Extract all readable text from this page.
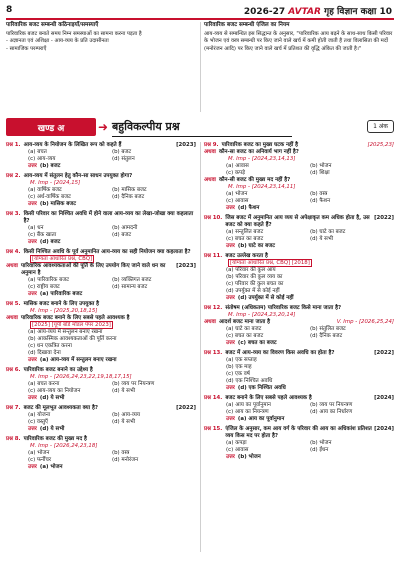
8	2026-27 AVTAR गृह विज्ञान कक्षा 10
पारिवारिक बजट सम्बन्धी कठिनाइयाँ/समस्याएँ
पारिवारिक बजट बनाते समय निम्न समस्याओं का सामना करना पड़ता है
- अज्ञानता एवं अशिक्षा - आय-व्यय के प्रति उदासीनता
- सामाजिक परम्पराएँ
पारिवारिक बजट सम्बन्धी एंजिल का नियम
आय-व्यय से सम्बन्धित इस सिद्धान्त के अनुसार, "पारिवारिक आय बढ़ने के साथ-साथ किसी परिवार के भोजन एवं वस्त्र सम्बन्धी पर किए जाने वाले खर्च में कमी होती जाती है तथा विलासिता की मदों (मनोरंजन आदि) पर किए जाने वाले खर्च में प्रतिशत की वृद्धि अंकित की जाती है।"
खण्ड अ	➜ बहुविकल्पीय प्रश्न	1 अंक
प्रश्न 1. आय-व्यय के नियोजन के लिखित रूप को कहते हैं	[2023]
(a) बचत	(b) बजट
(c) आय-व्यय	(d) संतुलन
उत्तर (b) बजट
प्रश्न 2. आय-व्यय में संतुलन हेतु कौन-सा साधन उपयुक्त होगा?
M. Imp - [2024,15]
(a) वार्षिक बजट	(b) मासिक बजट
(c) अर्ध-वार्षिक बजट	(d) दैनिक बजट
उत्तर (b) मासिक बजट
प्रश्न 3. किसी परिवार का निश्चित अवधि में होने वाला आय-व्यय का लेखा-जोखा क्या कहलाता है?
(a) धन	(b) आमदनी
(c) बैंक खाता	(d) बजट
उत्तर (d) बजट
प्रश्न 4. किसी निश्चित अवधि के पूर्व अनुमानित आय-व्यय का सही नियोजन क्या कहलाता है?
[योग्यता आधारित प्रश्न, CBQ]
अथवा पारिवारिक आवश्यकताओं की पूर्ति के लिए उपयोग किए जाने वाले धन का अनुमान है
[2023]
(a) पारिवारिक बजट	(b) व्यक्तिगत बजट
(c) राष्ट्रीय बजट	(d) सामान्य बजट
उत्तर (a) पारिवारिक बजट
प्रश्न 5. मासिक बजट बनाने के लिए उपयुक्त है
M. Imp - [2025,20,18,15]
अथवा पारिवारिक बजट बनाने के लिए सबसे पहले आवश्यक है
[2025] [यूपी बोर्ड मॉडल पेपर 2023]
(a) आय-व्यय में सन्तुलन बनाए रखना
(b) आकस्मिक आवश्यकताओं की पूर्ति करना
(c) धन एकत्रित करना
(d) दिखावा देना
उत्तर (a) आय-व्यय में सन्तुलन बनाए रखना
प्रश्न 6. पारिवारिक बजट बनाने का उद्देश्य है
M. Imp - [2026,24,23,22,19,18,17,15]
(a) बचत करना	(b) व्यय पर नियन्त्रण
(c) आय-व्यय का नियोजन	(d) ये सभी
उत्तर (d) ये सभी
प्रश्न 7. बजट की मूलभूत आवश्यकता क्या है?	[2022]
(a) योजना	(b) आय-व्यय
(c) वस्तुएँ	(d) ये सभी
उत्तर (d) ये सभी
प्रश्न 8. पारिवारिक बजट की मुख्य मद है
M. Imp - [2026,24,23,18]
(a) भोजन	(b) वस्त्र
(c) फर्नीचर	(d) मनोरंजन
उत्तर (a) भोजन
प्रश्न 9. पारिवारिक बजट का मुख्य घटक नहीं है	[2025,23]
अथवा कौन-सा बजट का अनिवार्य भाग नहीं है?
M. Imp - [2024,23,14,13]
(a) आवास	(b) भोजन
(c) कपड़े	(d) शिक्षा
अथवा कौन-सी बजट की मुख्य मद नहीं है?
M. Imp - [2024,23,14,11]
(a) भोजन	(b) वस्त्र
(c) आवास	(d) फैशन
उत्तर (d) फैशन
प्रश्न 10. जिस बजट में अनुमानित आय व्यय से अपेक्षाकृत कम अधिक होता है, उस बजट को क्या कहते हैं?
[2022]
(a) सन्तुलित बजट	(b) घाटे का बजट
(c) बचत का बजट	(d) ये सभी
उत्तर (b) घाटे का बजट
प्रश्न 11. बजट उल्लेख करता है
[योग्यता आधारित प्रश्न, CBQ] [2018]
(a) परिवार की कुल आय
(b) परिवार की कुल व्यय का
(c) परिवार की कुल बचत का
(d) उपर्युक्त में से कोई नहीं
उत्तर (d) उपर्युक्त में से कोई नहीं
प्रश्न 12. संतोषम (अधिकतम) पारिवारिक बजट किसे माना जाता है?
M. Imp - [2024,23,20,14]
अथवा आदर्श बजट माना जाता है	V. Imp - [2026,25,24]
(a) घाटे का बजट	(b) संतुलित बजट
(c) बचत का बजट	(d) दैनिक बजट
उत्तर (c) बचत का बजट
प्रश्न 13. बजट में आय-व्यय का विवरण किस अवधि का होता है?	[2022]
(a) एक सप्ताह
(b) एक माह
(c) एक वर्ष
(d) एक निश्चित अवधि
उत्तर (d) एक निश्चित अवधि
प्रश्न 14. बजट बनाने के लिए सबसे पहले आवश्यक है	[2024]
(a) आय का पूर्वानुमान	(b) व्यय पर नियन्त्रण
(c) आय का नियन्त्रण	(d) आय का निर्धारण
उत्तर (a) आय का पूर्वानुमान
प्रश्न 15. एंजिल के अनुसार, कम आय वर्ग के परिवार की आय का अधिकांश प्रतिशत व्यय किस मद पर होता है?
[2024]
(a) कपड़ा	(b) भोजन
(c) आवास	(d) ईंधन
उत्तर (b) भोजन
